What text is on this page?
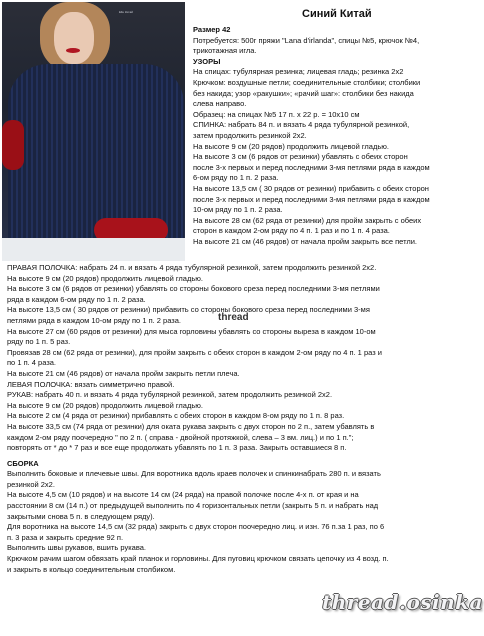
Elle Китай	Синий Китай
Размер 42
Потребуется: 500г пряжи "Lana d'irlanda", спицы №5, крючок №4,
трикотажная игла.
УЗОРЫ
На спицах: тубулярная резинка; лицевая гладь; резинка 2х2
Крючком: воздушные петли; соединительные столбики; столбики
без накида; узор «ракушки»; «рачий шаг»: столбики без накида
слева направо.
Образец: на спицах №5 17 п. х 22 р. = 10х10 см
СПИНКА: набрать 84 п. и вязать 4 ряда тубулярной резинкой,
затем продолжить резинкой 2х2.
На высоте 9 см (20 рядов) продолжить лицевой гладью.
На высоте 3 см (6 рядов от резинки) убавлять с обеих сторон
после 3-х первых и перед последними 3-мя петлями ряда в каждом
6-ом ряду по 1 п. 2 раза.
На высоте 13,5 см ( 30 рядов от резинки) прибавить с обеих сторон
после 3-х первых и перед последними 3-мя петлями ряда в каждом
10-ом ряду по 1 п. 2 раза.
На высоте 28 см (62 ряда от резинки) для пройм закрыть с обеих
сторон в каждом 2-ом ряду по 4 п. 1 раз и по 1 п. 4 раза.
На высоте 21 см (46 рядов) от начала пройм закрыть все петли.
ПРАВАЯ ПОЛОЧКА: набрать 24 п. и вязать 4 ряда тубулярной резинкой, затем продолжить резинкой 2х2.
На высоте 9 см (20 рядов) продолжить лицевой гладью.
На высоте 3 см (6 рядов от резинки) убавлять со стороны бокового среза перед последними 3-мя петлями
ряда в каждом 6-ом ряду по 1 п. 2 раза.
На высоте 13,5 см ( 30 рядов от резинки) прибавить со стороны бокового среза перед последними 3-мя
петлями ряда в каждом 10-ом ряду по 1 п. 2 раза.
На высоте 27 см (60 рядов от резинки) для мыса горловины убавлять со стороны выреза в каждом 10-ом
ряду по 1 п. 5 раз.
Провязав 28 см (62 ряда от резинки), для пройм закрыть с обеих сторон в каждом 2-ом ряду по 4 п. 1 раз и
по 1 п. 4 раза.
На высоте 21 см (46 рядов) от начала пройм закрыть петли плеча.
ЛЕВАЯ ПОЛОЧКА: вязать симметрично правой.
РУКАВ: набрать 40 п. и вязать 4 ряда тубулярной резинкой, затем продолжить резинкой 2х2.
На высоте 9 см (20 рядов) продолжить лицевой гладью.
На высоте 2 см (4 ряда от резинки) прибавлять с обеих сторон в каждом 8-ом ряду по 1 п. 8 раз.
На высоте 33,5 см (74 ряда от резинки) для оката рукава закрыть с двух сторон по 2 п., затем убавлять в
каждом 2-ом ряду поочередно " по 2 п. ( справа - двойной протяжкой, слева – 3 вм. лиц.) и по 1 п.";
повторять от * до * 7 раз и все еще продолжать убавлять по 1 п. 3 раза. Закрыть оставшиеся 8 п.
СБОРКА
Выполнить боковые и плечевые швы. Для воротника вдоль краев полочек и спинкинабрать 280 п. и вязать
резинкой 2х2.
На высоте 4,5 см (10 рядов) и на высоте 14 см (24 ряда) на правой полочке после 4-х п. от края и на
расстоянии 8 см (14 п.) от предыдущей выполнить по 4 горизонтальных петли (закрыть 5 п. и набрать над
закрытыми снова 5 п. в следующем ряду).
Для воротника на высоте 14,5 см (32 ряда) закрыть с двух сторон поочередно лиц. и изн. 76 п.за 1 раз, по 6
п. 3 раза и закрыть средние 92 п.
Выполнить швы рукавов, вшить рукава.
Крючком рачим шагом обвязать край планок и горловины. Для пуговиц крючком связать цепочку из 4 возд. п.
и закрыть в кольцо соединительным столбиком.
thread
thread.osinka
